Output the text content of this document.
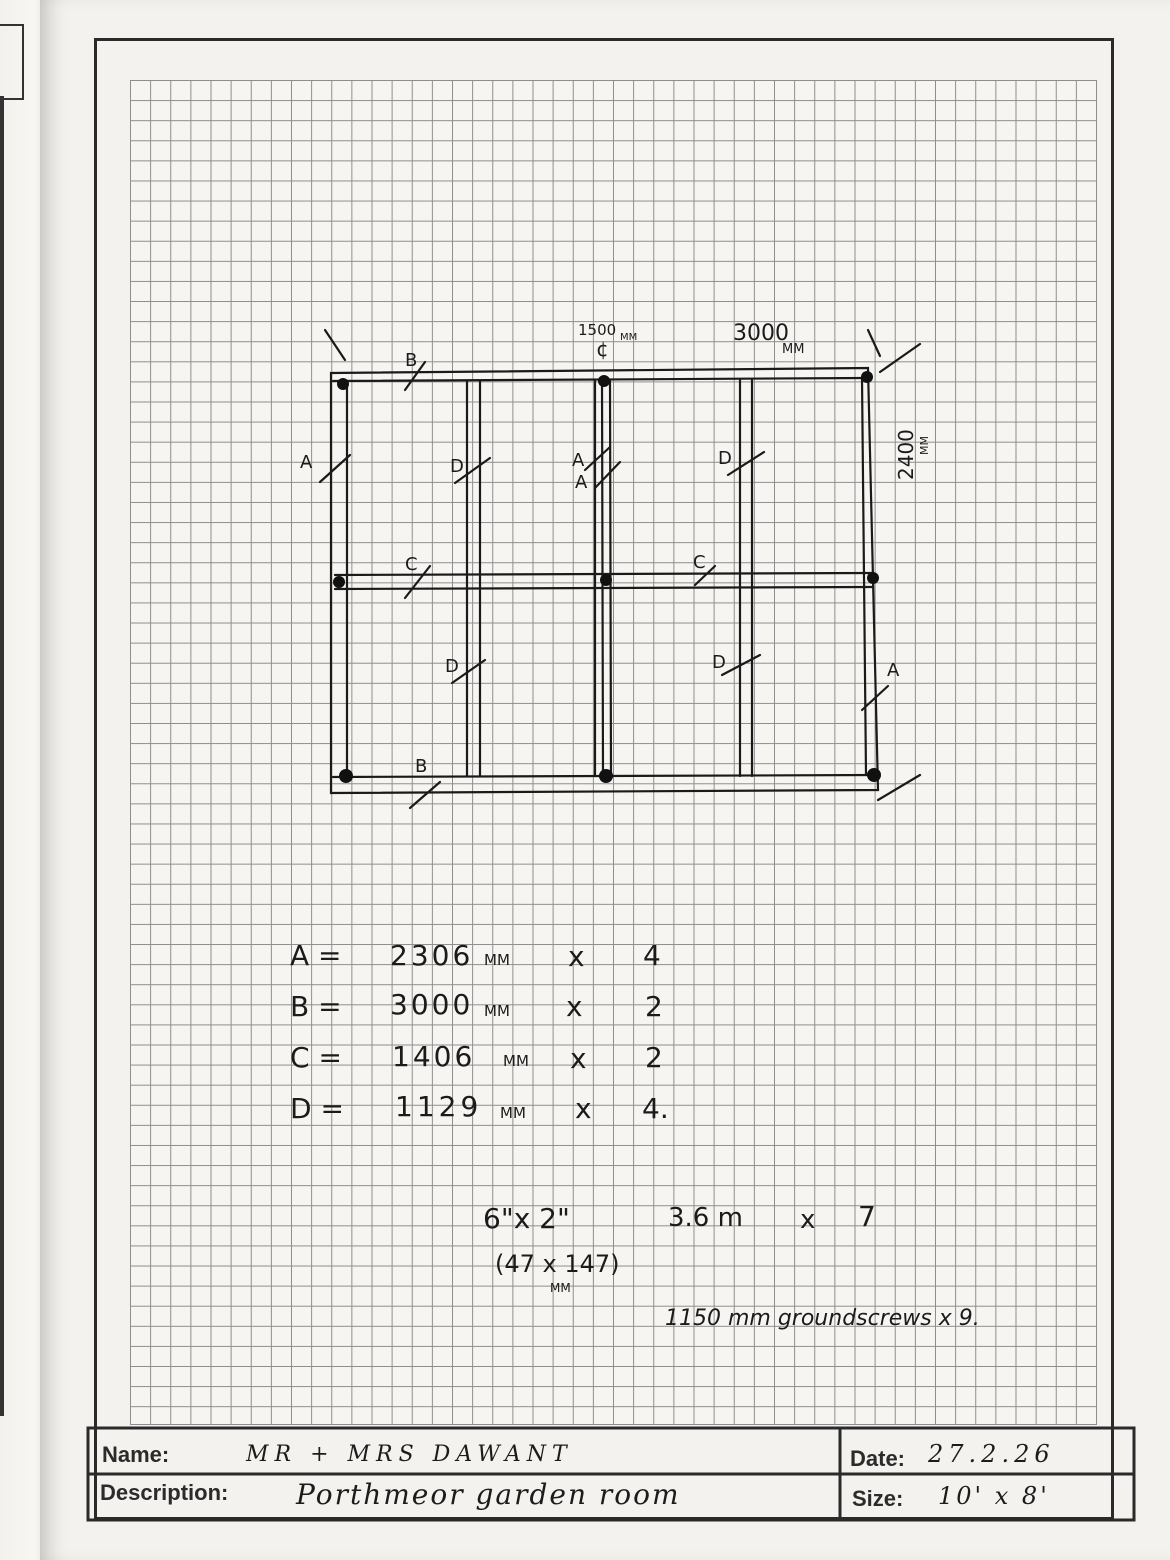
B
A	D	A
A
D
C	C
D	D	A
B
¢
1500 MM	3000
MM
2400 MM
A = 2306 MM x 4
B = 3000 MM x 2
C = 1406 MM x 2
D = 1129 MM x 4.
6"x 2"
(47 x 147)
MM
3.6 m x 7
1150 mm groundscrews x 9.
Name:	MR + MRS DAWANT
Description: Porthmeor garden room
Date: 27.2.26
Size: 10' x 8'
